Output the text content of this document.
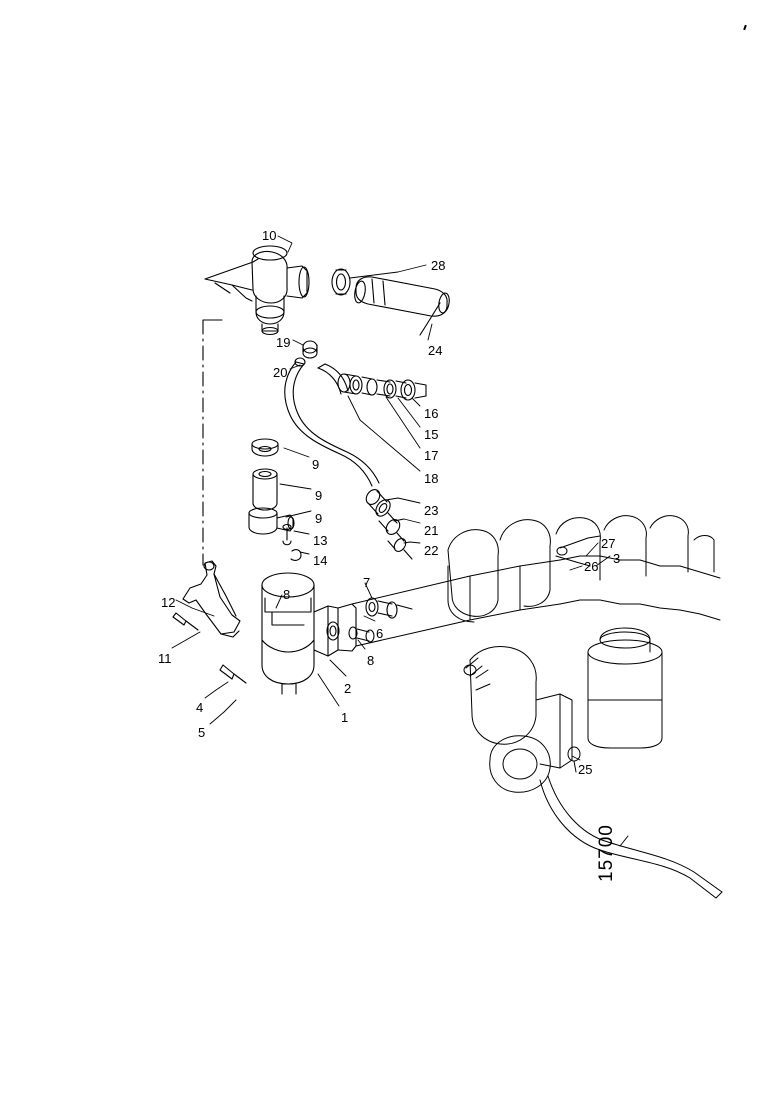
10
28
24
19
20
16
15
17
18
9
9
9
23
21
22
13
14
8
7
6
8
12
11
4
5
1
2
3
27
26
25
15700
